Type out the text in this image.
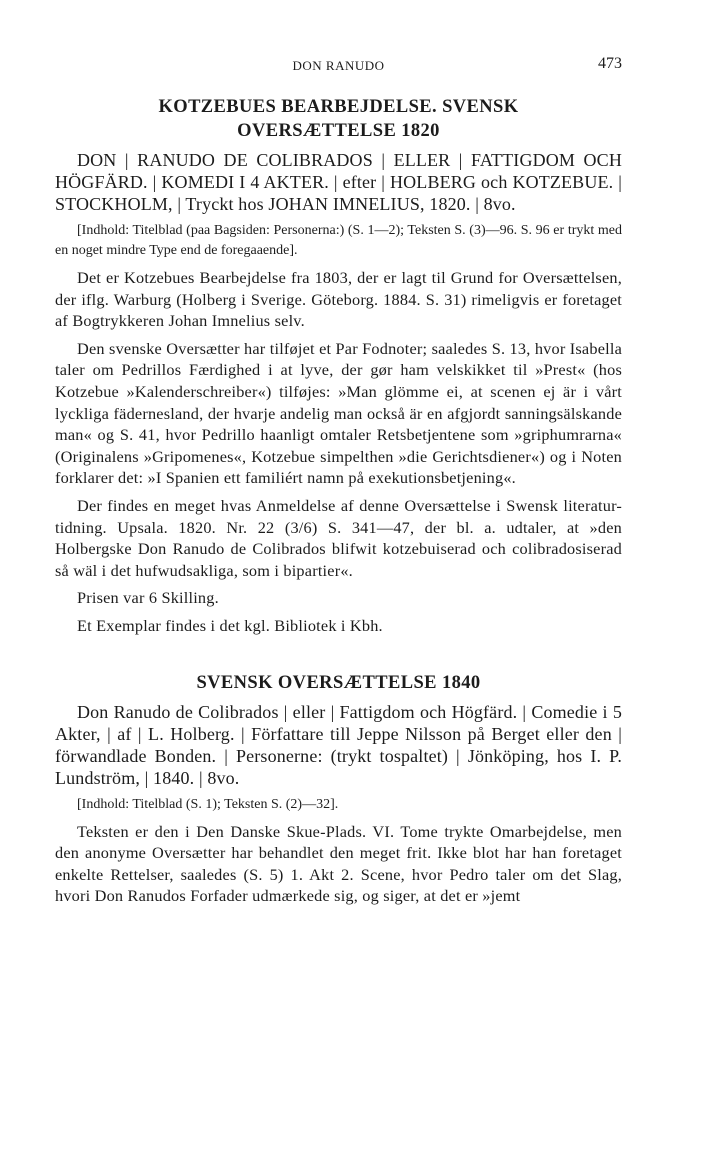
DON RANUDO	473
KOTZEBUES BEARBEJDELSE. SVENSK
OVERSÆTTELSE 1820

DON | RANUDO DE COLIBRADOS | ELLER | FATTIGDOM OCH HÖGFÄRD. | KOMEDI I 4 AKTER. | efter | HOLBERG och KOTZEBUE. | STOCKHOLM, | Tryckt hos JOHAN IMNELIUS, 1820. | 8vo.

[Indhold: Titelblad (paa Bagsiden: Personerna:) (S. 1—2); Teksten S. (3)—96. S. 96 er trykt med en noget mindre Type end de foregaaende].

Det er Kotzebues Bearbejdelse fra 1803, der er lagt til Grund for Oversættelsen, der iflg. Warburg (Holberg i Sverige. Göteborg. 1884. S. 31) rimeligvis er foretaget af Bogtrykkeren Johan Imnelius selv.

Den svenske Oversætter har tilføjet et Par Fodnoter; saaledes S. 13, hvor Isabella taler om Pedrillos Færdighed i at lyve, der gør ham velskikket til »Prest« (hos Kotzebue »Kalenderschreiber«) tilføjes: »Man glömme ei, at scenen ej är i vårt lyckliga fädernesland, der hvarje andelig man också är en afgjordt sanningsälskande man« og S. 41, hvor Pedrillo haanligt omtaler Retsbetjentene som »griphumrarna« (Originalens »Gripomenes«, Kotzebue simpelthen »die Gerichtsdiener«) og i Noten forklarer det: »I Spanien ett familiért namn på exekutionsbetjening«.

Der findes en meget hvas Anmeldelse af denne Oversættelse i Swensk literatur-tidning. Upsala. 1820. Nr. 22 (3/6) S. 341—47, der bl. a. udtaler, at »den Holbergske Don Ranudo de Colibrados blifwit kotzebuiserad och colibradosiserad så wäl i det hufwudsakliga, som i bipartier«.

Prisen var 6 Skilling.

Et Exemplar findes i det kgl. Bibliotek i Kbh.

SVENSK OVERSÆTTELSE 1840

Don Ranudo de Colibrados | eller | Fattigdom och Högfärd. | Comedie i 5 Akter, | af | L. Holberg. | Författare till Jeppe Nilsson på Berget eller den | förwandlade Bonden. | Personerne: (trykt tospaltet) | Jönköping, hos I. P. Lundström, | 1840. | 8vo.

[Indhold: Titelblad (S. 1); Teksten S. (2)—32].

Teksten er den i Den Danske Skue-Plads. VI. Tome trykte Omarbejdelse, men den anonyme Oversætter har behandlet den meget frit. Ikke blot har han foretaget enkelte Rettelser, saaledes (S. 5) 1. Akt 2. Scene, hvor Pedro taler om det Slag, hvori Don Ranudos Forfader udmærkede sig, og siger, at det er »jemt
